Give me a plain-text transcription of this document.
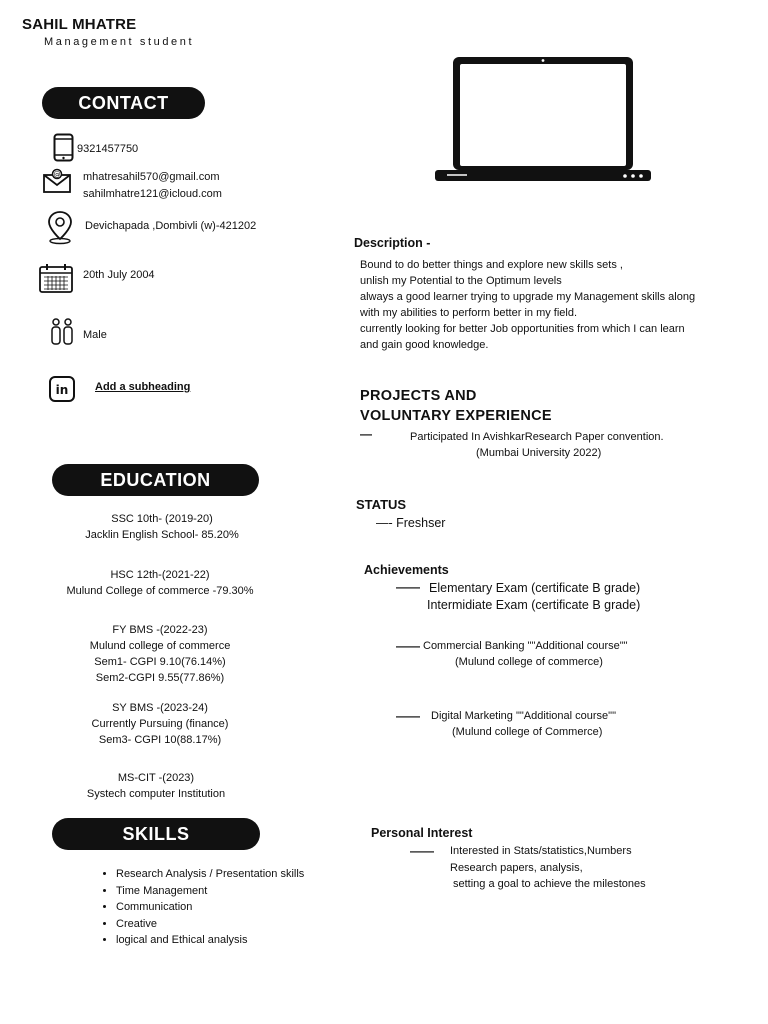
SAHIL MHATRE
Management student
CONTACT
9321457750
@ mhatresahil570@gmail.com
sahilmhatre121@icloud.com
Devichapada ,Dombivli (w)-421202
20th July 2004
Male
in Add a subheading
EDUCATION
SSC 10th- (2019-20)
Jacklin English School- 85.20%
HSC 12th-(2021-22)
Mulund College of commerce -79.30%
FY BMS -(2022-23)
Mulund college of commerce
Sem1- CGPI 9.10(76.14%)
Sem2-CGPI 9.55(77.86%)
SY BMS -(2023-24)
Currently Pursuing (finance)
Sem3- CGPI 10(88.17%)
MS-CIT -(2023)
Systech computer Institution
SKILLS
• Research Analysis / Presentation skills
• Time Management
• Communication
• Creative
• logical and Ethical analysis
Description -
Bound to do better things and explore new skills sets ,
unlish my Potential to the Optimum levels
always a good learner trying to upgrade my Management skills along
with my abilities to perform better in my field.
currently looking for better Job opportunities from which I can learn
and gain good knowledge.
PROJECTS AND
VOLUNTARY EXPERIENCE
—	Participated In AvishkarResearch Paper convention.
(Mumbai University 2022)
STATUS
—- Freshser
Achievements
—— Elementary Exam (certificate B grade)
Intermidiate Exam (certificate B grade)
—— Commercial Banking ""Additional course""
(Mulund college of commerce)
—— Digital Marketing ""Additional course""
(Mulund college of Commerce)
Personal Interest
—— Interested in Stats/statistics,Numbers
Research papers, analysis,
setting a goal to achieve the milestones
